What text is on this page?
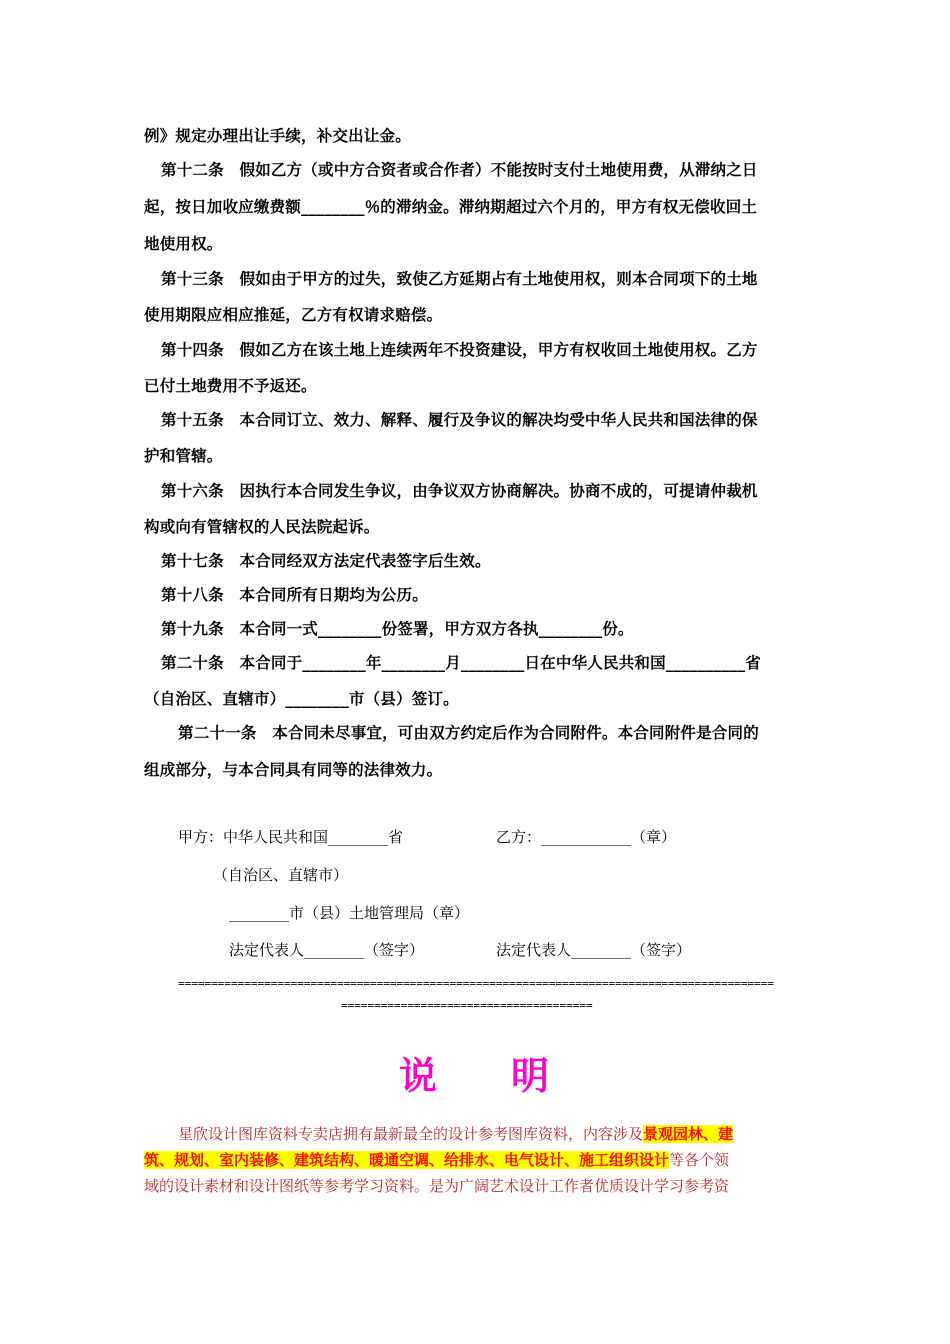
例》规定办理出让手续，补交出让金。
第十二条　假如乙方（或中方合资者或合作者）不能按时支付土地使用费，从滞纳之日
起，按日加收应缴费额________％的滞纳金。滞纳期超过六个月的，甲方有权无偿收回土
地使用权。
第十三条　假如由于甲方的过失，致使乙方延期占有土地使用权，则本合同项下的土地
使用期限应相应推延，乙方有权请求赔偿。
第十四条　假如乙方在该土地上连续两年不投资建设，甲方有权收回土地使用权。乙方
已付土地费用不予返还。
第十五条　本合同订立、效力、解释、履行及争议的解决均受中华人民共和国法律的保
护和管辖。
第十六条　因执行本合同发生争议，由争议双方协商解决。协商不成的，可提请仲裁机
构或向有管辖权的人民法院起诉。
第十七条　本合同经双方法定代表签字后生效。
第十八条　本合同所有日期均为公历。
第十九条　本合同一式________份签署，甲方双方各执________份。
第二十条　本合同于________年________月________日在中华人民共和国__________省
（自治区、直辖市）________市（县）签订。
第二十一条　本合同未尽事宜，可由双方约定后作为合同附件。本合同附件是合同的
组成部分，与本合同具有同等的法律效力。
甲方：中华人民共和国________省	乙方：____________（章）
（自治区、直辖市）
________市（县）土地管理局（章）
法定代表人________（签字）	法定代表人________（签字）
==========================================================================================
======================================
说 明
星欣设计图库资料专卖店拥有最新最全的设计参考图库资料，内容涉及景观园林、建
筑、规划、室内装修、建筑结构、暖通空调、给排水、电气设计、施工组织设计等各个领
域的设计素材和设计图纸等参考学习资料。是为广阔艺术设计工作者优质设计学习参考资
